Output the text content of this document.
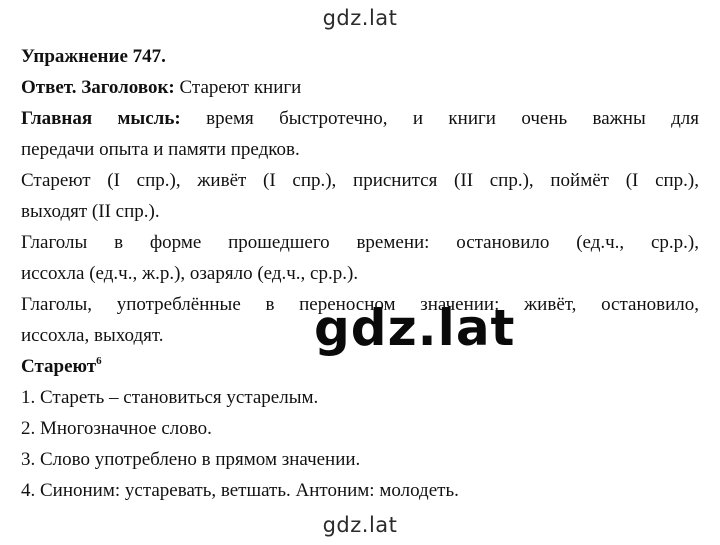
gdz.lat
Упражнение 747.
Ответ. Заголовок: Стареют книги
Главная мысль: время быстротечно, и книги очень важны для
передачи опыта и памяти предков.
Стареют (I спр.), живёт (I спр.), приснится (II спр.), поймёт (I спр.),
выходят (II спр.).
Глаголы в форме прошедшего времени: остановило (ед.ч., ср.р.),
иссохла (ед.ч., ж.р.), озаряло (ед.ч., ср.р.).
Глаголы, употреблённые в переносном значении: живёт, остановило,
иссохла, выходят.
Стареют$^6$
1. Стареть – становиться устарелым.
2. Многозначное слово.
3. Слово употреблено в прямом значении.
4. Синоним: устаревать, ветшать. Антоним: молодеть.
gdz.lat
gdz.lat
